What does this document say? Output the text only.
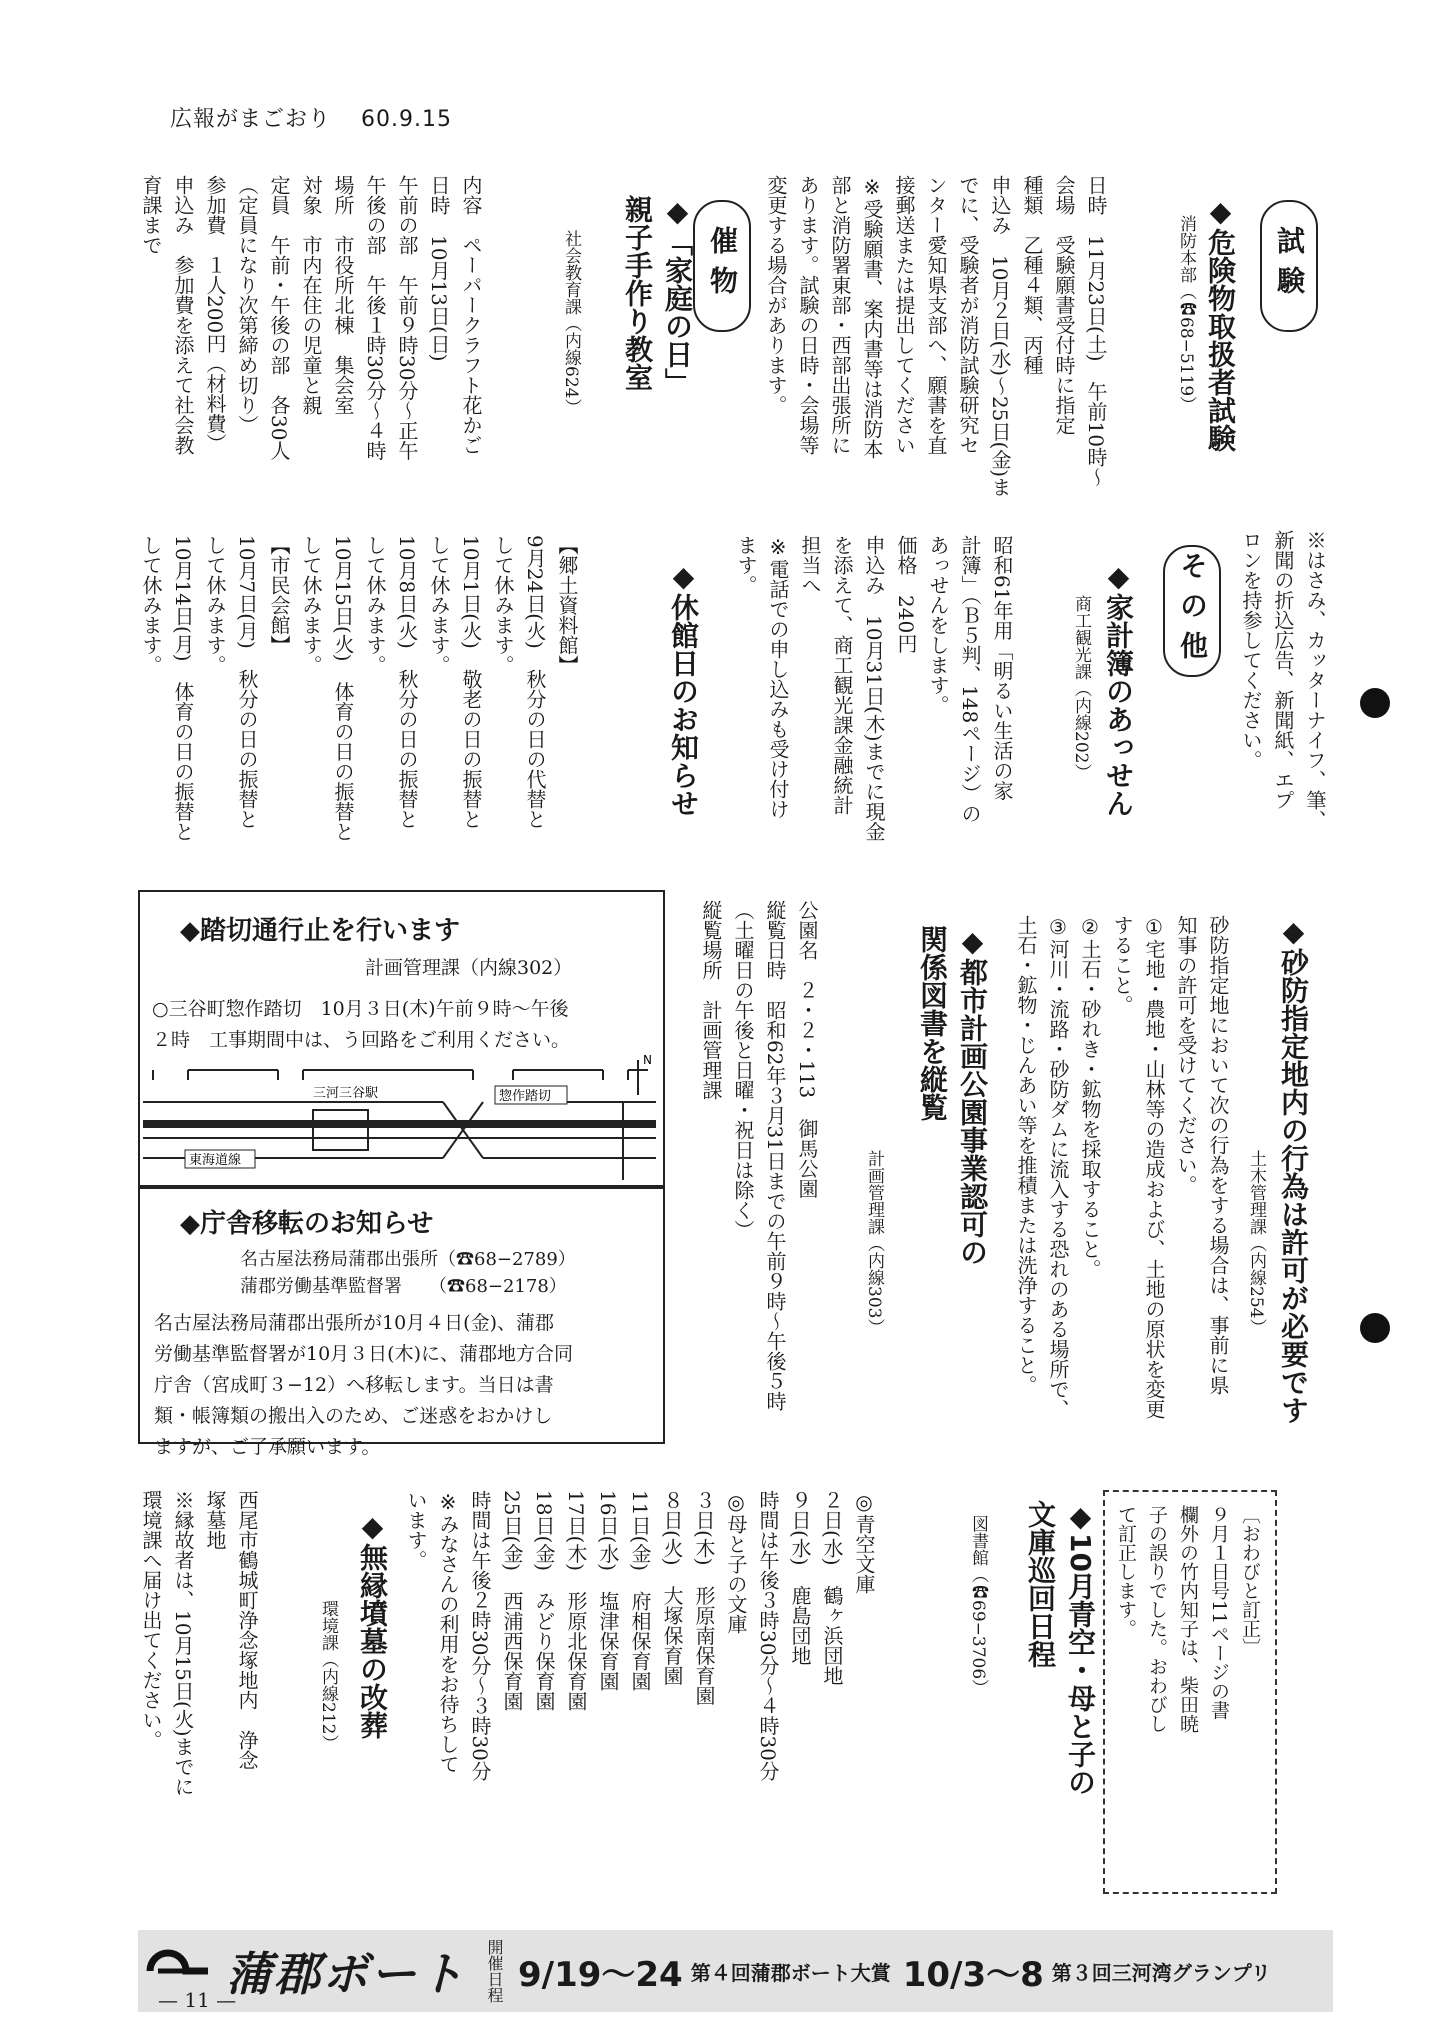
広報がまごおり 60.9.15
試験
催物
その他
◆危険物取扱者試験
消防本部（☎68−5119）
日時　11月23日(土)　午前10時〜
会場　受験願書受付時に指定
種類　乙種４類、丙種
申込み　10月２日(水)〜25日(金)ま
でに、受験者が消防試験研究セ
ンター愛知県支部へ、願書を直
接郵送または提出してください
※受験願書、案内書等は消防本
部と消防署東部・西部出張所に
あります。試験の日時・会場等
変更する場合があります。
◆「家庭の日」
親子手作り教室
社会教育課（内線624）
内容　ペーパークラフト花かご
日時　10月13日(日)
午前の部　午前９時30分〜正午
午後の部　午後１時30分〜４時
場所　市役所北棟　集会室
対象　市内在住の児童と親
定員　午前・午後の部　各30人
（定員になり次第締め切り）
参加費　１人200円（材料費）
申込み　参加費を添えて社会教
育課まで
※はさみ、カッターナイフ、筆、
新聞の折込広告、新聞紙、エプ
ロンを持参してください。
◆家計簿のあっせん
商工観光課（内線202）
昭和61年用「明るい生活の家
計簿」（Ｂ５判、148ページ）の
あっせんをします。
価格　240円
申込み　10月31日(木)までに現金
を添えて、商工観光課金融統計
担当へ
※電話での申し込みも受け付け
ます。
◆休館日のお知らせ
【郷土資料館】
9月24日(火)　秋分の日の代替と
して休みます。
10月1日(火)　敬老の日の振替と
して休みます。
10月8日(火)　秋分の日の振替と
して休みます。
10月15日(火)　体育の日の振替と
して休みます。
【市民会館】
10月7日(月)　秋分の日の振替と
して休みます。
10月14日(月)　体育の日の振替と
して休みます。
◆砂防指定地内の行為は許可が必要です
土木管理課（内線254）
砂防指定地において次の行為をする場合は、事前に県
知事の許可を受けてください。
①宅地・農地・山林等の造成および、土地の原状を変更
すること。
②土石・砂れき・鉱物を採取すること。
③河川・流路・砂防ダムに流入する恐れのある場所で、
土石・鉱物・じんあい等を推積または洗浄すること。
◆都市計画公園事業認可の
関係図書を縦覧
計画管理課（内線303）
公園名　２・２・113　御馬公園
縦覧日時　昭和62年３月31日までの午前９時〜午後５時
（土曜日の午後と日曜・祝日は除く）
縦覧場所　計画管理課
◆踏切通行止を行います

計画管理課（内線302）

○三谷町惣作踏切　10月３日(木)午前９時〜午後
２時　工事期間中は、う回路をご利用ください。

N
三河三谷駅	惣作踏切
東海道線
◆庁舎移転のお知らせ

名古屋法務局蒲郡出張所（☎68−2789）

蒲郡労働基準監督署　　（☎68−2178）

名古屋法務局蒲郡出張所が10月４日(金)、蒲郡
労働基準監督署が10月３日(木)に、蒲郡地方合同
庁舎（宮成町３−12）へ移転します。当日は書
類・帳簿類の搬出入のため、ご迷惑をおかけし
ますが、ご了承願います。

〔おわびと訂正〕
９月１日号11ページの書
欄外の竹内知子は、柴田暁
子の誤りでした。おわびし
て訂正します。
◆10月青空・母と子の
文庫巡回日程
図書館（☎69−3706）
◎青空文庫
２日(水)　鶴ヶ浜団地
９日(水)　鹿島団地
時間は午後３時30分〜４時30分
◎母と子の文庫
３日(木)　形原南保育園
８日(火)　大塚保育園
11日(金)　府相保育園
16日(水)　塩津保育園
17日(木)　形原北保育園
18日(金)　みどり保育園
25日(金)　西浦西保育園
時間は午後２時30分〜３時30分
※みなさんの利用をお待ちして
います。
◆無縁墳墓の改葬
環境課（内線212）
西尾市鶴城町浄念塚地内　浄念
塚墓地
※縁故者は、10月15日(火)までに
環境課へ届け出てください。
蒲郡ボート 開催日程 9/19〜24 第４回蒲郡ボート大賞 10/3〜8 第３回三河湾グランプリ
— 11 —
